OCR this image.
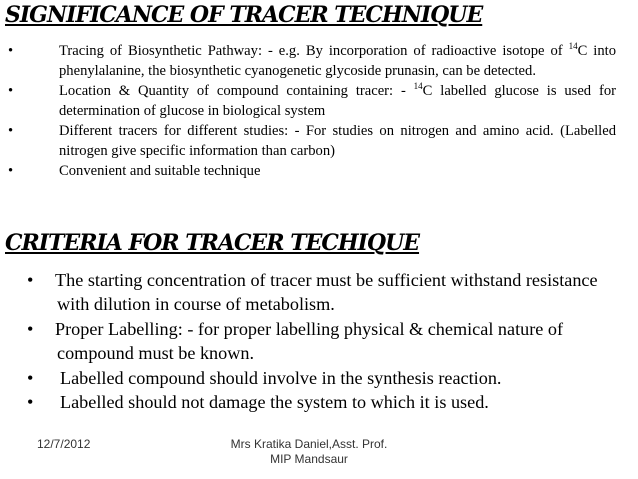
SIGNIFICANCE OF TRACER TECHNIQUE
•	Tracing of Biosynthetic Pathway: - e.g. By incorporation of radioactive isotope of $^{14}$C into phenylalanine, the biosynthetic cyanogenetic glycoside prunasin, can be detected.
•	Location & Quantity of compound containing tracer: - $^{14}$C labelled glucose is used for determination of glucose in biological system
•	Different tracers for different studies: - For studies on nitrogen and amino acid. (Labelled nitrogen give specific information than carbon)
•	Convenient and suitable technique
CRITERIA FOR TRACER TECHIQUE
• The starting concentration of tracer must be sufficient withstand resistance with dilution in course of metabolism.
• Proper Labelling: - for proper labelling physical & chemical nature of compound must be known.
• Labelled compound should involve in the synthesis reaction.
• Labelled should not damage the system to which it is used.
12/7/2012	Mrs Kratika Daniel,Asst. Prof.
MIP Mandsaur
